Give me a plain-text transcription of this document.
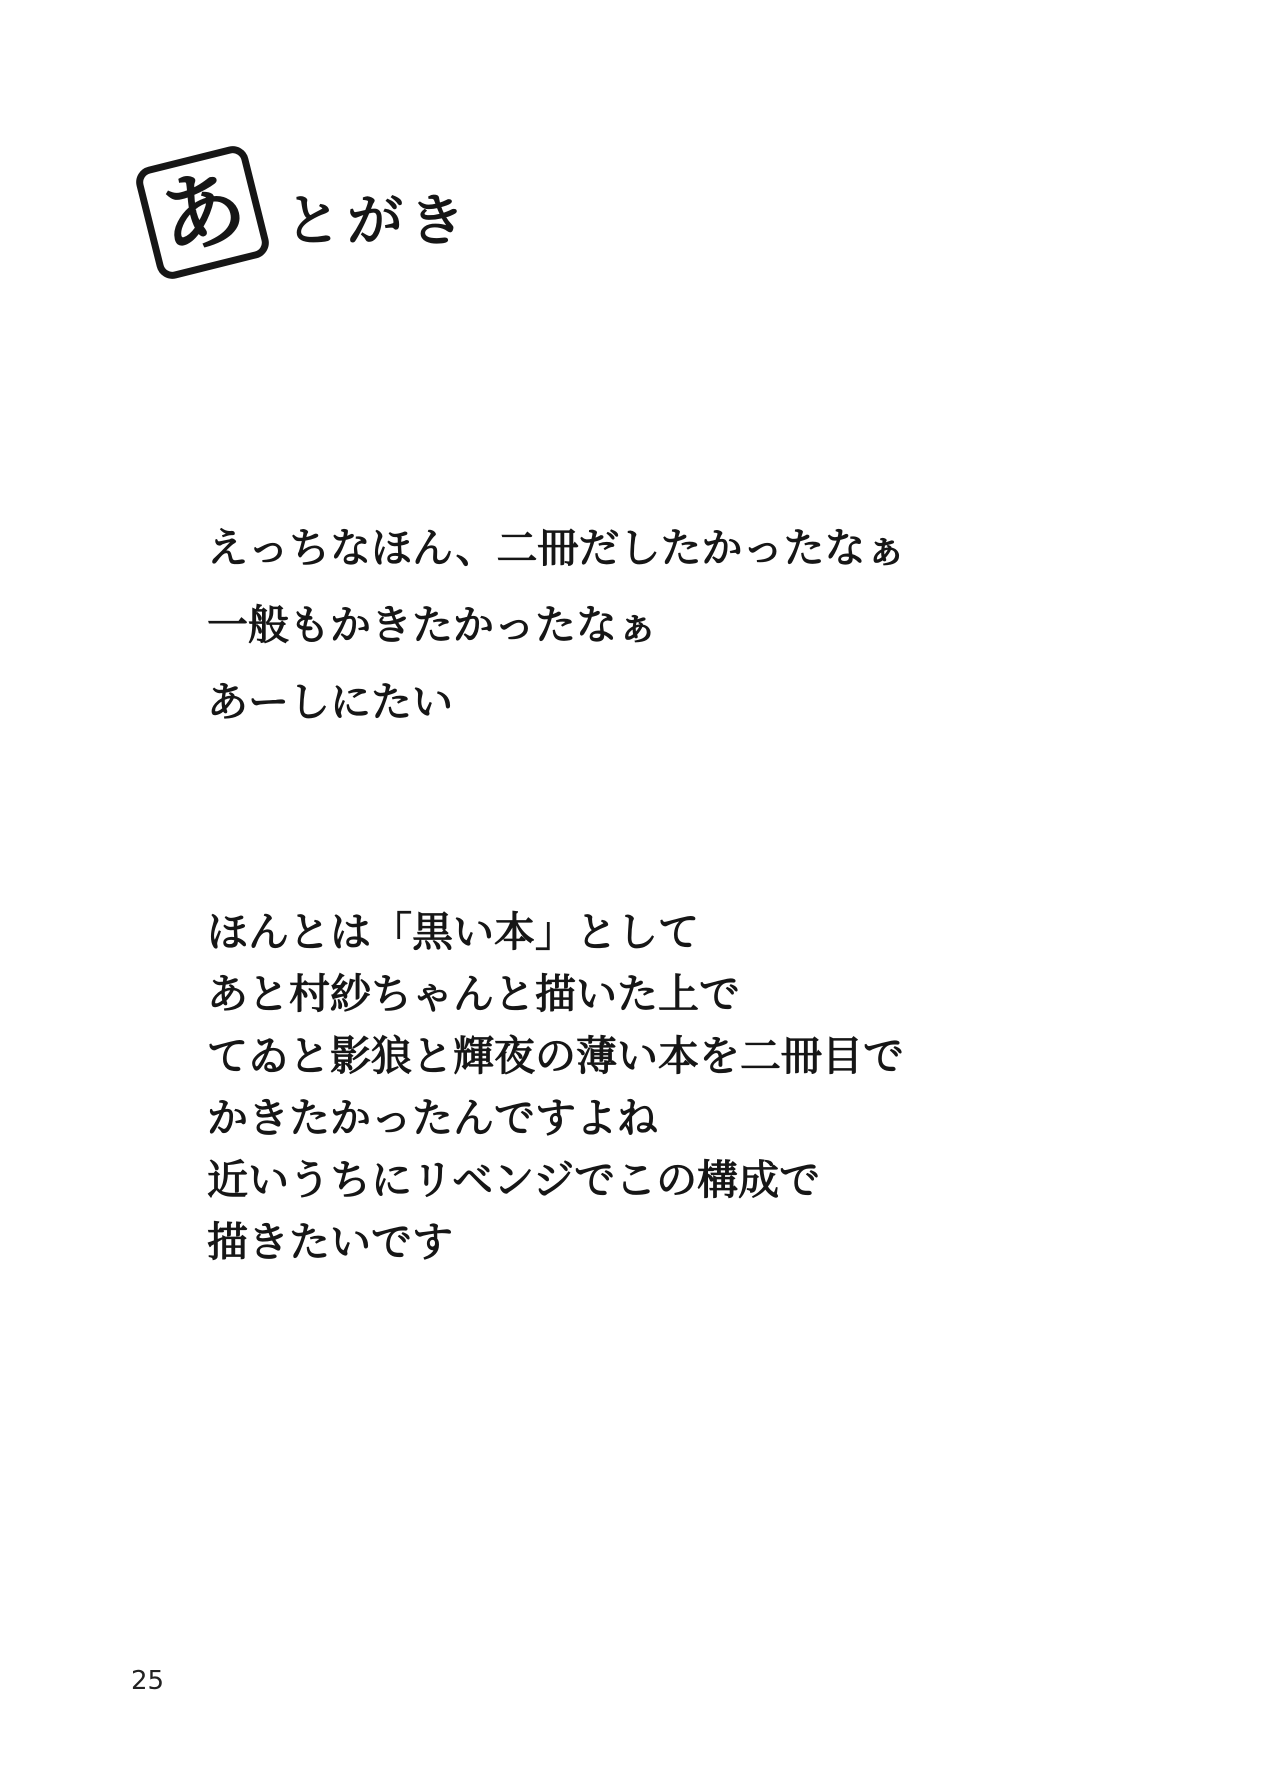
あ とがき

えっちなほん、二冊だしたかったなぁ

一般もかきたかったなぁ

あーしにたい

ほんとは「黒い本」として

あと村紗ちゃんと描いた上で

てゐと影狼と輝夜の薄い本を二冊目で

かきたかったんですよね

近いうちにリベンジでこの構成で

描きたいです

25
